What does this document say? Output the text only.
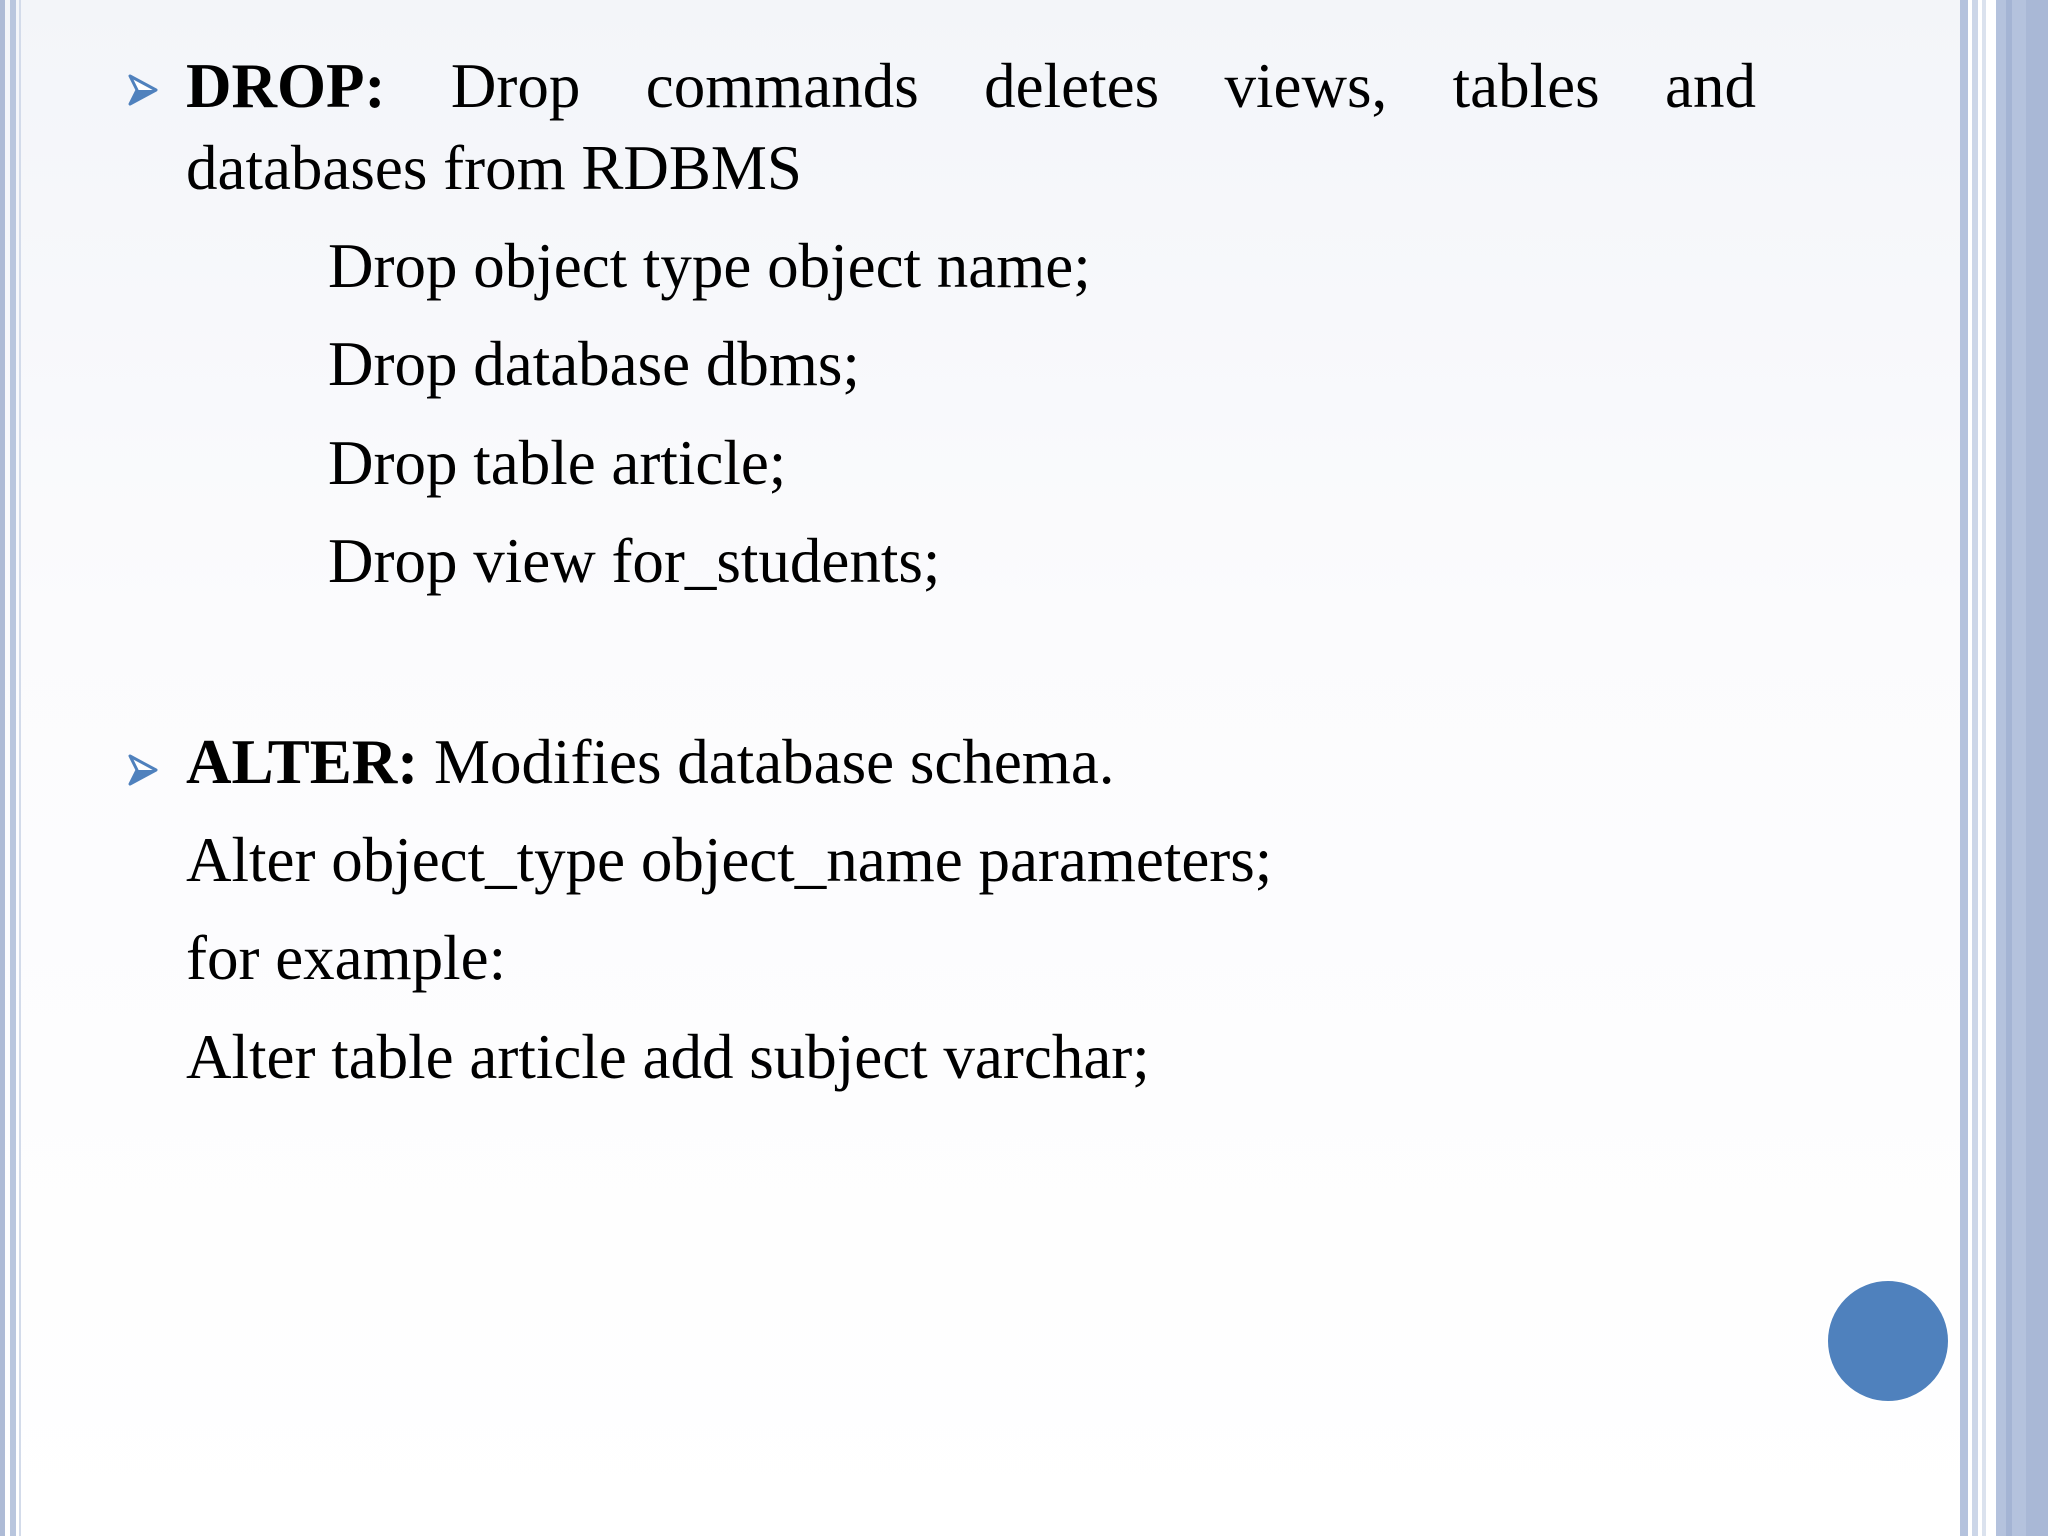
DROP: Drop commands deletes views, tables and
databases from RDBMS
Drop object type object name;
Drop database dbms;
Drop table article;
Drop view for_students;
ALTER: Modifies database schema.
Alter object_type object_name parameters;
for example:
Alter table article add subject varchar;
